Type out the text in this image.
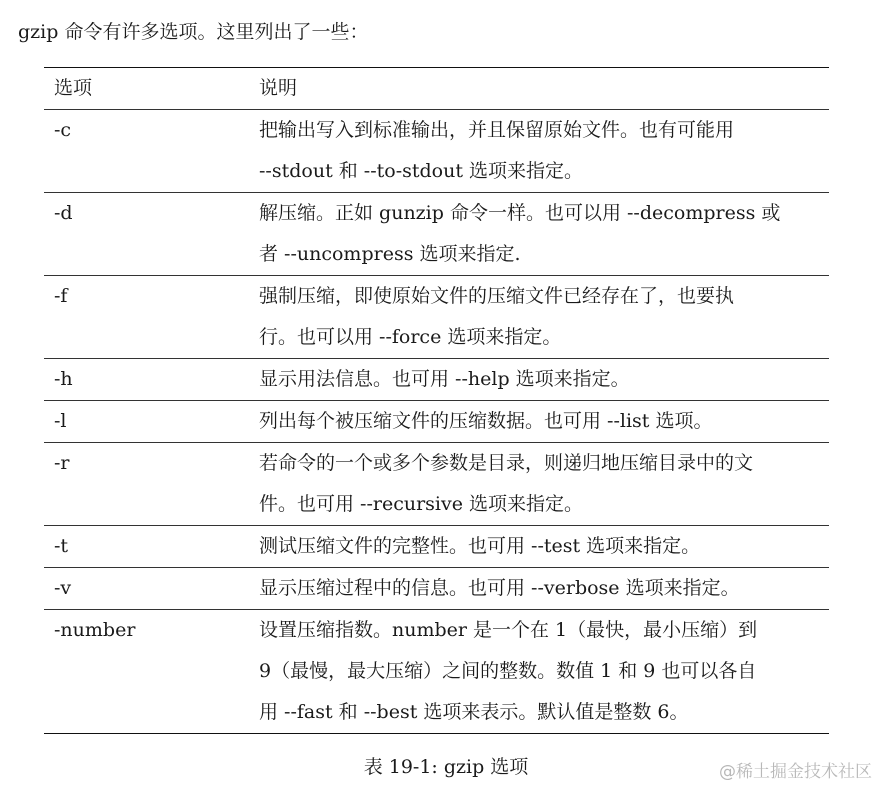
gzip 命令有许多选项。这里列出了一些：
选项	说明
-c	把输出写入到标准输出，并且保留原始文件。也有可能用
--stdout 和 --to-stdout 选项来指定。

-d	解压缩。正如 gunzip 命令一样。也可以用 --decompress 或
者 --uncompress 选项来指定.

-f	强制压缩，即使原始文件的压缩文件已经存在了，也要执
行。也可以用 --force 选项来指定。

-h	显示用法信息。也可用 --help 选项来指定。

-l	列出每个被压缩文件的压缩数据。也可用 --list 选项。

-r	若命令的一个或多个参数是目录，则递归地压缩目录中的文
件。也可用 --recursive 选项来指定。

-t	测试压缩文件的完整性。也可用 --test 选项来指定。

-v	显示压缩过程中的信息。也可用 --verbose 选项来指定。

-number	设置压缩指数。number 是一个在 1（最快，最小压缩）到
9（最慢，最大压缩）之间的整数。数值 1 和 9 也可以各自
用 --fast 和 --best 选项来表示。默认值是整数 6。
表 19-1: gzip 选项	@稀土掘金技术社区
